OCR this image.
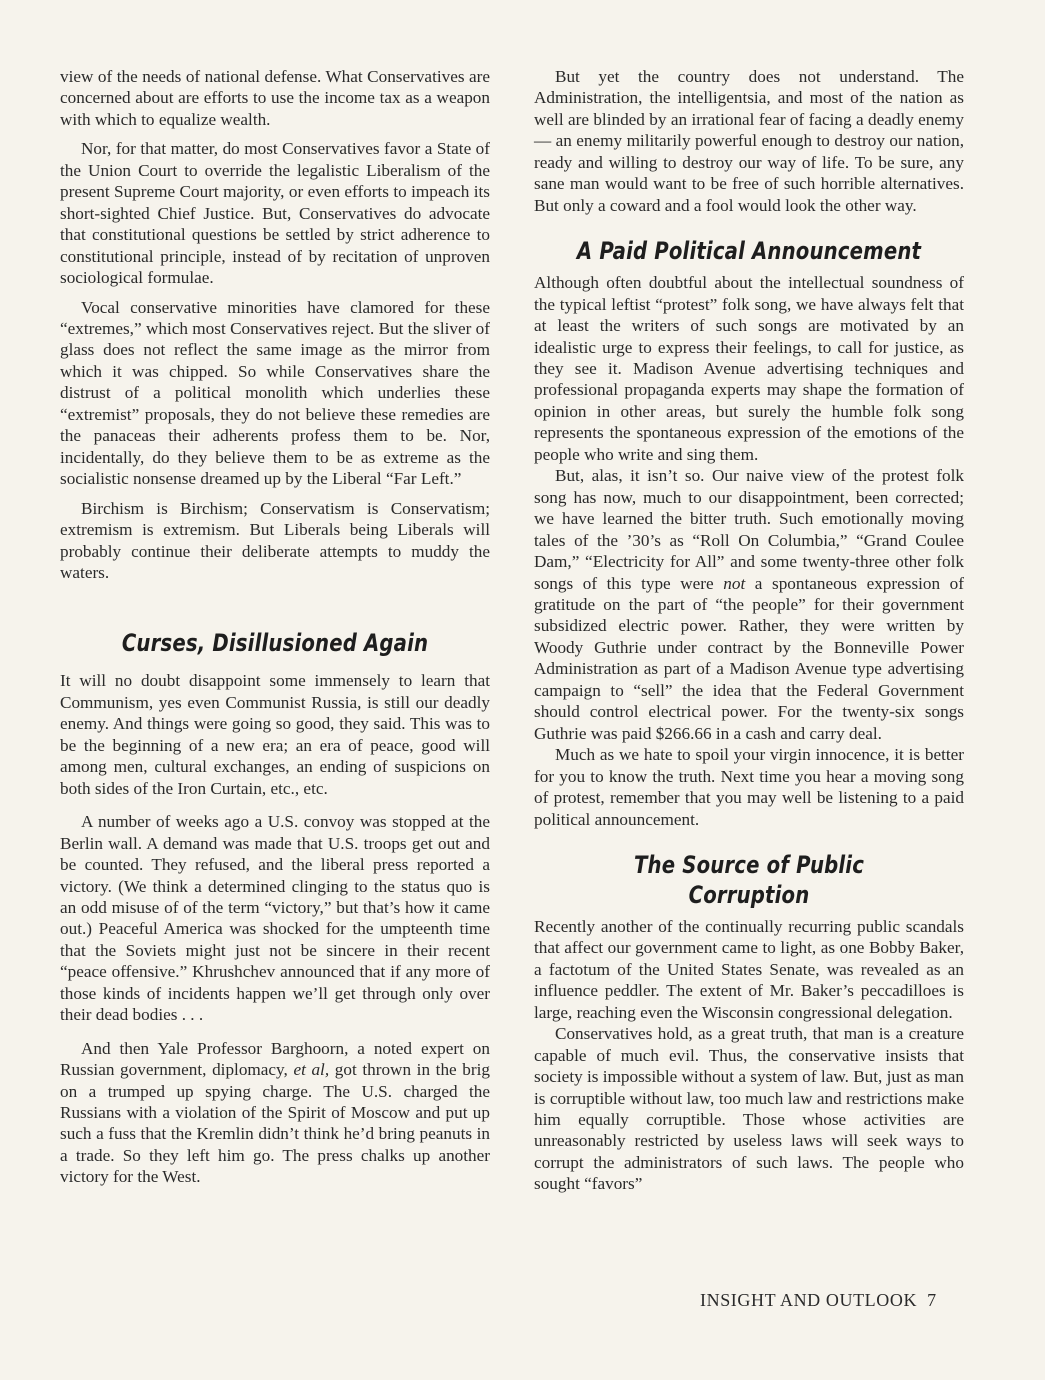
view of the needs of national defense. What Conservatives are concerned about are efforts to use the income tax as a weapon with which to equalize wealth.

Nor, for that matter, do most Conservatives favor a State of the Union Court to override the legalistic Liberalism of the present Supreme Court majority, or even efforts to impeach its short-sighted Chief Justice. But, Conservatives do advocate that constitutional questions be settled by strict adherence to constitutional principle, instead of by recitation of unproven sociological formulae.

Vocal conservative minorities have clamored for these “extremes,” which most Conservatives reject. But the sliver of glass does not reflect the same image as the mirror from which it was chipped. So while Conservatives share the distrust of a political monolith which underlies these “extremist” proposals, they do not believe these remedies are the panaceas their adherents profess them to be. Nor, incidentally, do they believe them to be as extreme as the socialistic nonsense dreamed up by the Liberal “Far Left.”

Birchism is Birchism; Conservatism is Conservatism; extremism is extremism. But Liberals being Liberals will probably continue their deliberate attempts to muddy the waters.

Curses, Disillusioned Again

It will no doubt disappoint some immensely to learn that Communism, yes even Communist Russia, is still our deadly enemy. And things were going so good, they said. This was to be the beginning of a new era; an era of peace, good will among men, cultural exchanges, an ending of suspicions on both sides of the Iron Curtain, etc., etc.

A number of weeks ago a U.S. convoy was stopped at the Berlin wall. A demand was made that U.S. troops get out and be counted. They refused, and the liberal press reported a victory. (We think a determined clinging to the status quo is an odd misuse of of the term “victory,” but that’s how it came out.) Peaceful America was shocked for the umpteenth time that the Soviets might just not be sincere in their recent “peace offensive.” Khrushchev announced that if any more of those kinds of incidents happen we’ll get through only over their dead bodies . . .

And then Yale Professor Barghoorn, a noted expert on Russian government, diplomacy, et al, got thrown in the brig on a trumped up spying charge. The U.S. charged the Russians with a violation of the Spirit of Moscow and put up such a fuss that the Kremlin didn’t think he’d bring peanuts in a trade. So they left him go. The press chalks up another victory for the West.

But yet the country does not understand. The Administration, the intelligentsia, and most of the nation as well are blinded by an irrational fear of facing a deadly enemy — an enemy militarily powerful enough to destroy our nation, ready and willing to destroy our way of life. To be sure, any sane man would want to be free of such horrible alternatives. But only a coward and a fool would look the other way.

A Paid Political Announcement

Although often doubtful about the intellectual soundness of the typical leftist “protest” folk song, we have always felt that at least the writers of such songs are motivated by an idealistic urge to express their feelings, to call for justice, as they see it. Madison Avenue advertising techniques and professional propaganda experts may shape the formation of opinion in other areas, but surely the humble folk song represents the spontaneous expression of the emotions of the people who write and sing them.

But, alas, it isn’t so. Our naive view of the protest folk song has now, much to our disappointment, been corrected; we have learned the bitter truth. Such emotionally moving tales of the ’30’s as “Roll On Columbia,” “Grand Coulee Dam,” “Electricity for All” and some twenty-three other folk songs of this type were not a spontaneous expression of gratitude on the part of “the people” for their government subsidized electric power. Rather, they were written by Woody Guthrie under contract by the Bonneville Power Administration as part of a Madison Avenue type advertising campaign to “sell” the idea that the Federal Government should control electrical power. For the twenty-six songs Guthrie was paid $266.66 in a cash and carry deal.

Much as we hate to spoil your virgin innocence, it is better for you to know the truth. Next time you hear a moving song of protest, remember that you may well be listening to a paid political announcement.

The Source of Public Corruption

Recently another of the continually recurring public scandals that affect our government came to light, as one Bobby Baker, a factotum of the United States Senate, was revealed as an influence peddler. The extent of Mr. Baker’s peccadilloes is large, reaching even the Wisconsin congressional delegation.

Conservatives hold, as a great truth, that man is a creature capable of much evil. Thus, the conservative insists that society is impossible without a system of law. But, just as man is corruptible without law, too much law and restrictions make him equally corruptible. Those whose activities are unreasonably restricted by useless laws will seek ways to corrupt the administrators of such laws. The people who sought “favors”

INSIGHT AND OUTLOOK 7
